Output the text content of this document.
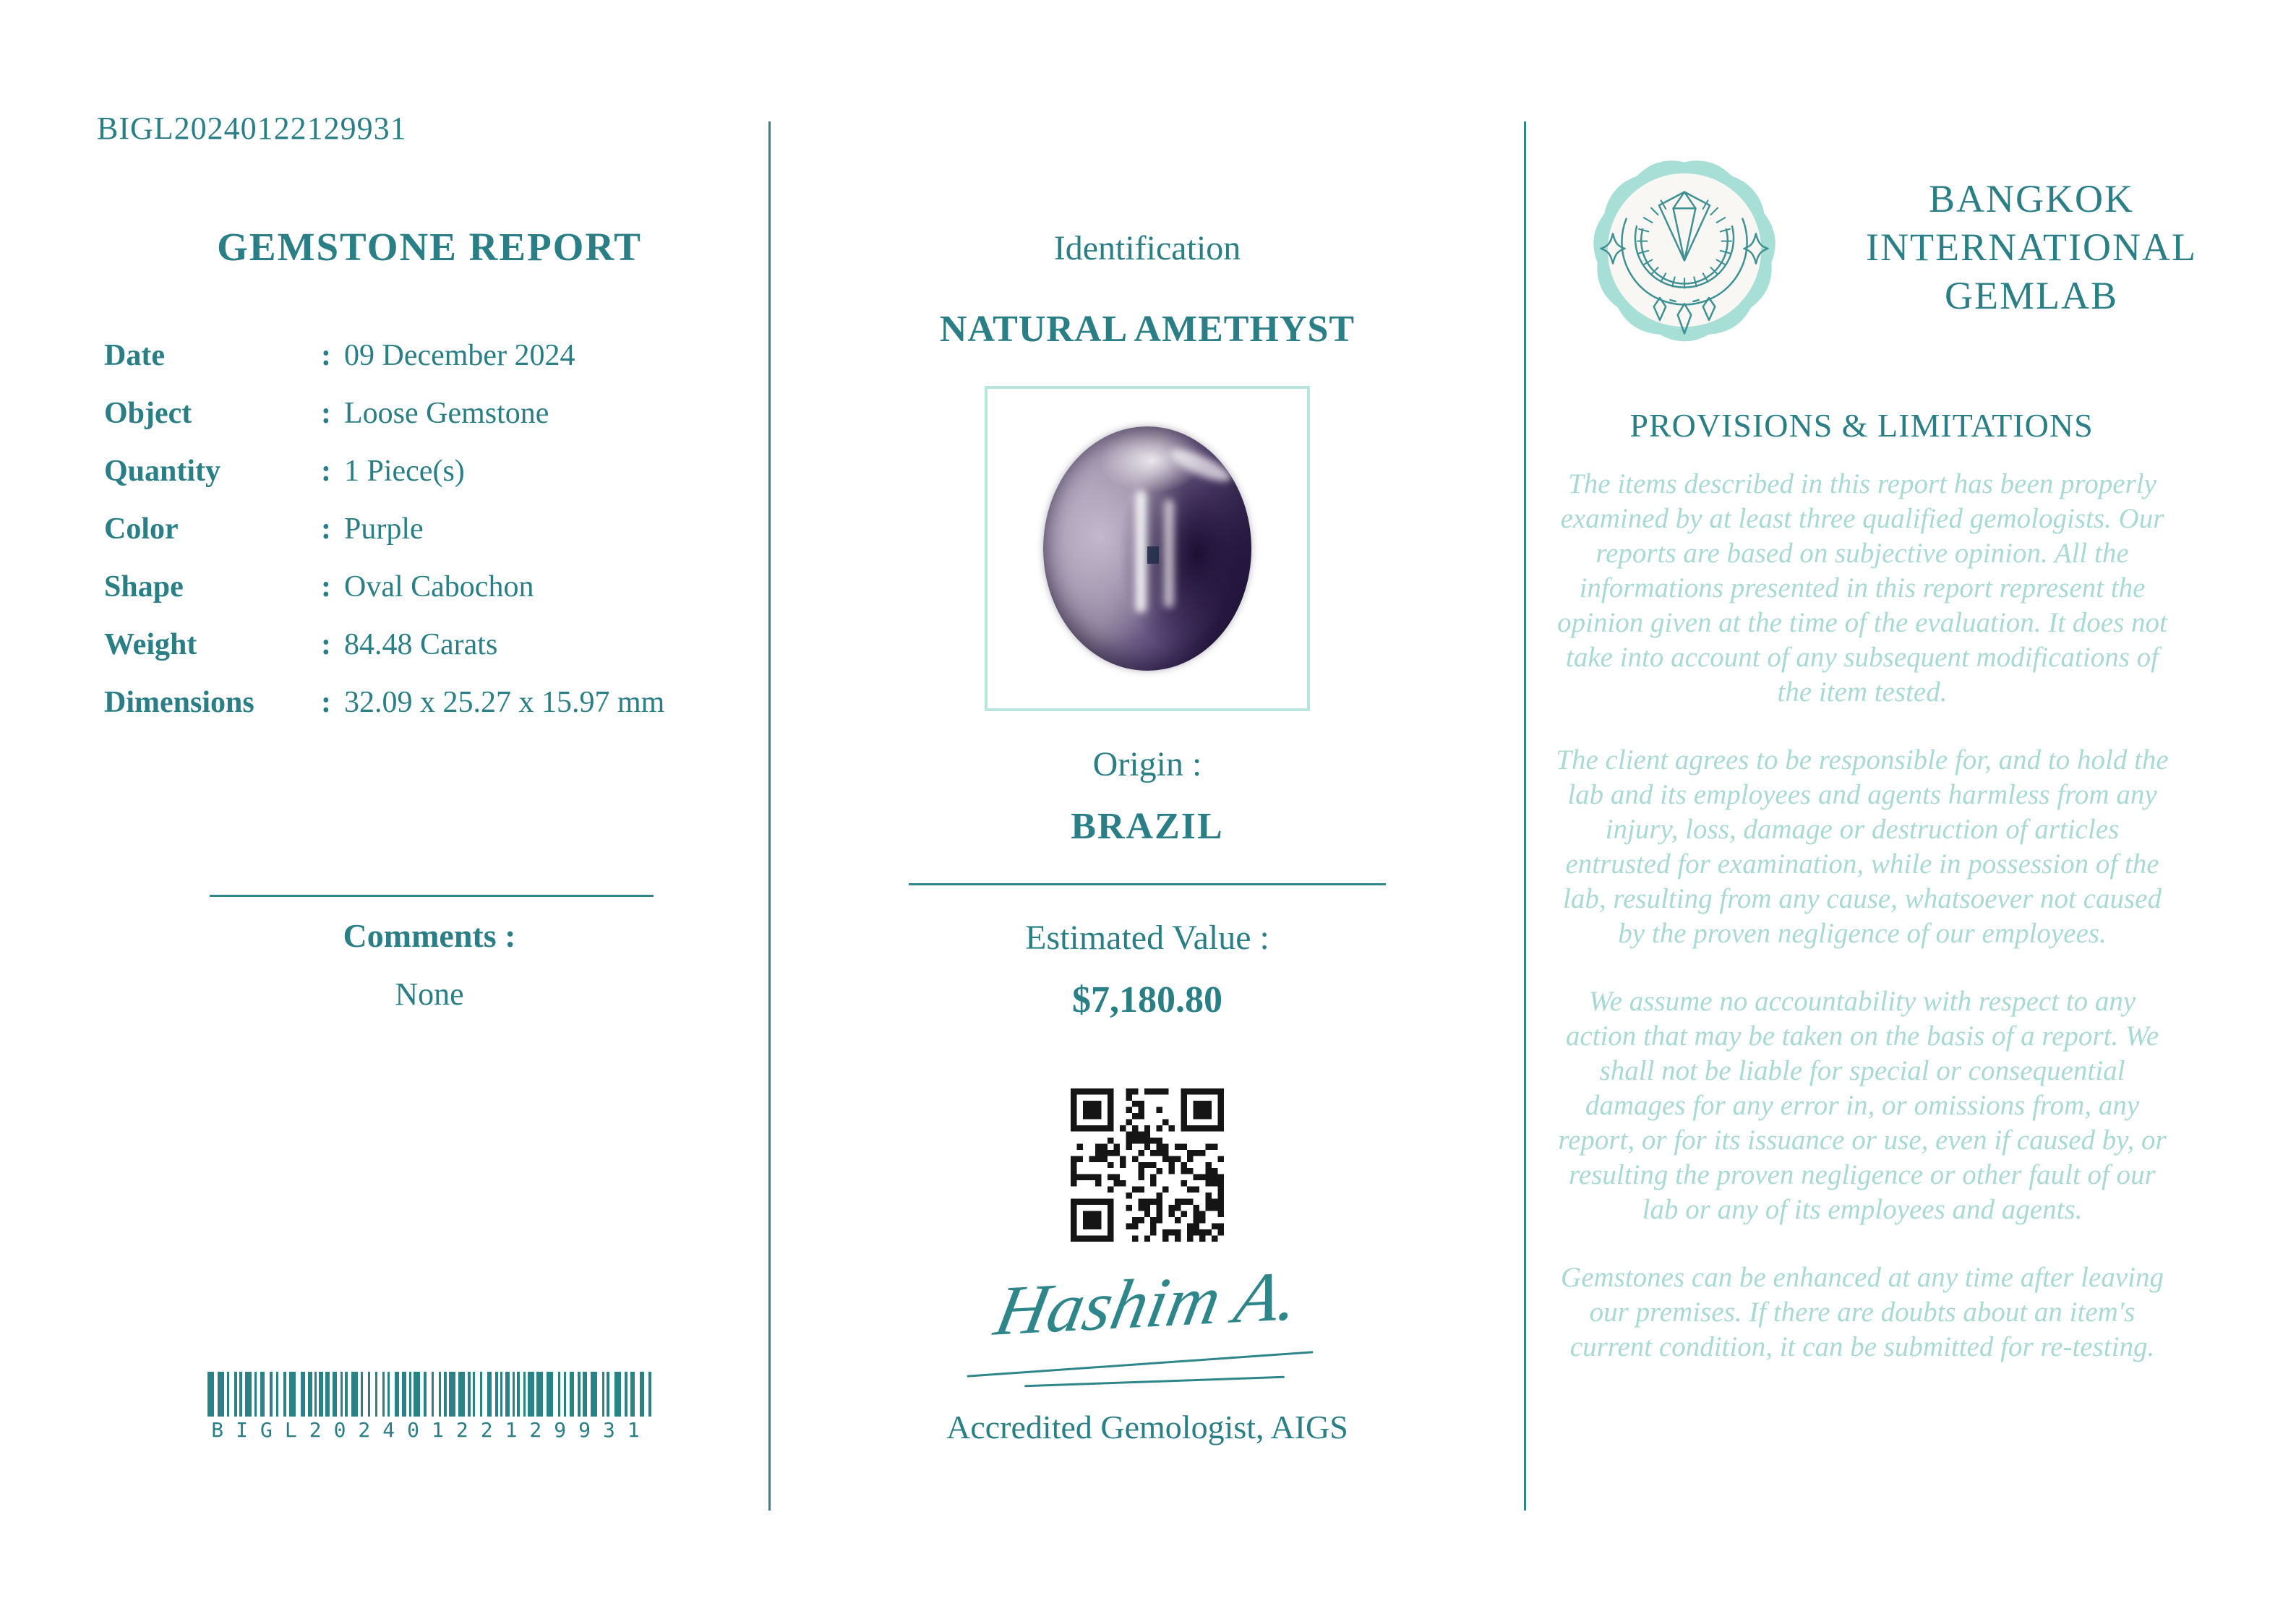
BIGL20240122129931
GEMSTONE REPORT
Date	: 09 December 2024
Object	: Loose Gemstone
Quantity	: 1 Piece(s)
Color	: Purple
Shape	: Oval Cabochon
Weight	: 84.48 Carats
Dimensions	: 32.09 x 25.27 x 15.97 mm
Comments :
None
BIGL20240122129931
Identification
NATURAL AMETHYST
Origin :
BRAZIL
Estimated Value :
$7,180.80
Hashim A.
Accredited Gemologist, AIGS
BANGKOK
INTERNATIONAL
GEMLAB
PROVISIONS & LIMITATIONS

The items described in this report has been properly examined by at least three qualified gemologists. Our reports are based on subjective opinion. All the informations presented in this report represent the opinion given at the time of the evaluation. It does not take into account of any subsequent modifications of the item tested.

The client agrees to be responsible for, and to hold the lab and its employees and agents harmless from any injury, loss, damage or destruction of articles entrusted for examination, while in possession of the lab, resulting from any cause, whatsoever not caused by the proven negligence of our employees.

We assume no accountability with respect to any action that may be taken on the basis of a report. We shall not be liable for special or consequential damages for any error in, or omissions from, any report, or for its issuance or use, even if caused by, or resulting the proven negligence or other fault of our lab or any of its employees and agents.

Gemstones can be enhanced at any time after leaving our premises. If there are doubts about an item's current condition, it can be submitted for re-testing.
